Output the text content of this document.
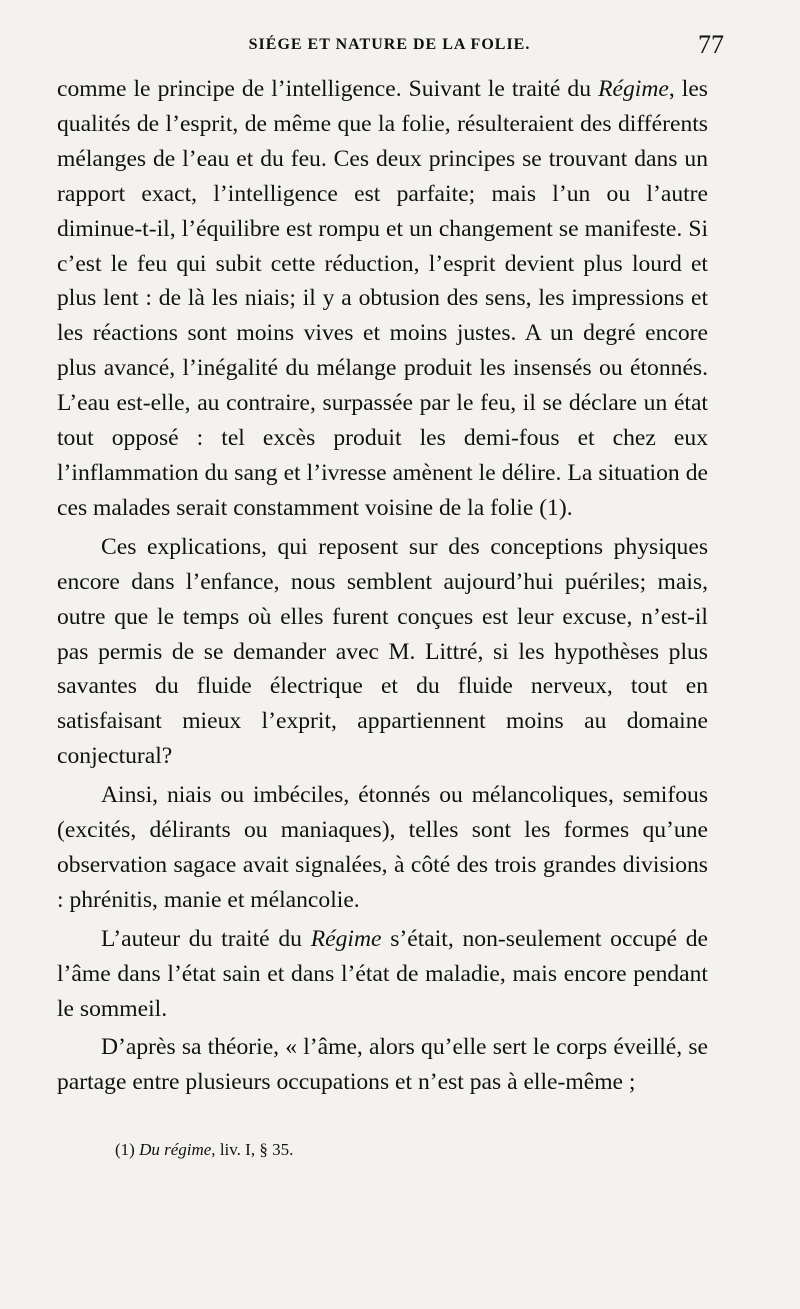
SIÉGE ET NATURE DE LA FOLIE.	77

comme le principe de l’intelligence. Suivant le traité du Régime, les qualités de l’esprit, de même que la folie, résulteraient des différents mélanges de l’eau et du feu. Ces deux principes se trouvant dans un rapport exact, l’intelligence est parfaite; mais l’un ou l’autre diminue-t-il, l’équilibre est rompu et un changement se manifeste. Si c’est le feu qui subit cette réduction, l’esprit devient plus lourd et plus lent : de là les niais; il y a obtusion des sens, les impressions et les réactions sont moins vives et moins justes. A un degré encore plus avancé, l’inégalité du mélange produit les insensés ou étonnés. L’eau est-elle, au contraire, surpassée par le feu, il se déclare un état tout opposé : tel excès produit les demi-fous et chez eux l’inflammation du sang et l’ivresse amènent le délire. La situation de ces malades serait constamment voisine de la folie (1).

Ces explications, qui reposent sur des conceptions physiques encore dans l’enfance, nous semblent aujourd’hui puériles; mais, outre que le temps où elles furent conçues est leur excuse, n’est-il pas permis de se demander avec M. Littré, si les hypothèses plus savantes du fluide électrique et du fluide nerveux, tout en satisfaisant mieux l’exprit, appartiennent moins au domaine conjectural?

Ainsi, niais ou imbéciles, étonnés ou mélancoliques, semifous (excités, délirants ou maniaques), telles sont les formes qu’une observation sagace avait signalées, à côté des trois grandes divisions : phrénitis, manie et mélancolie.

L’auteur du traité du Régime s’était, non-seulement occupé de l’âme dans l’état sain et dans l’état de maladie, mais encore pendant le sommeil.

D’après sa théorie, « l’âme, alors qu’elle sert le corps éveillé, se partage entre plusieurs occupations et n’est pas à elle-même ;

(1) Du régime, liv. I, § 35.
